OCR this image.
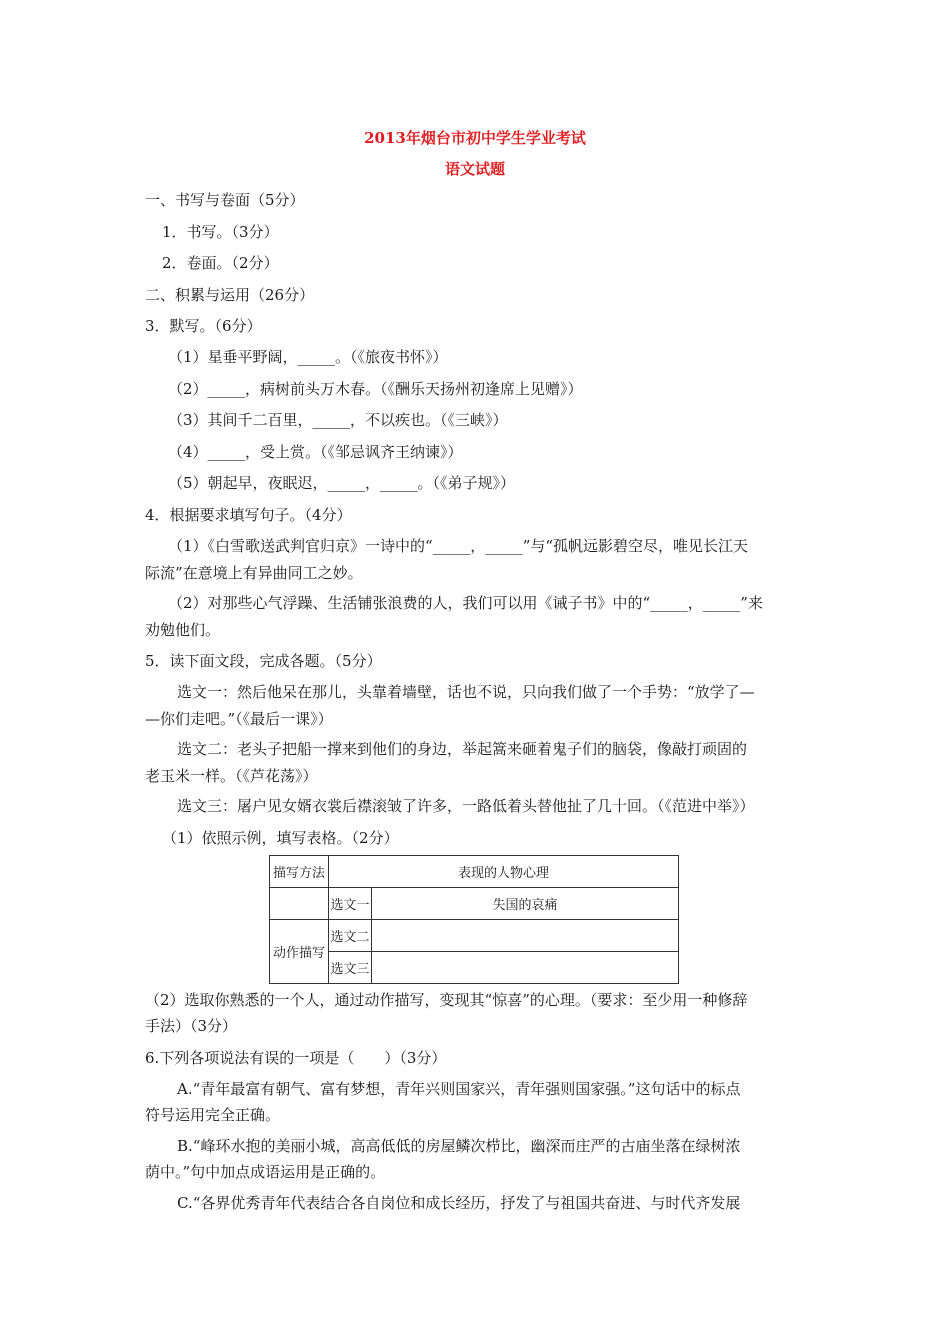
2013年烟台市初中学生学业考试
语文试题
一、书写与卷面（5分）
1．书写。（3分）
2．卷面。（2分）
二、积累与运用（26分）
3．默写。（6分）
（1）星垂平野阔，_____。（《旅夜书怀》）
（2）_____，病树前头万木春。（《酬乐天扬州初逢席上见赠》）
（3）其间千二百里，_____，不以疾也。（《三峡》）
（4）_____，受上赏。（《邹忌讽齐王纳谏》）
（5）朝起早，夜眠迟，_____，_____。（《弟子规》）
4．根据要求填写句子。（4分）
（1）《白雪歌送武判官归京》一诗中的“_____，_____”与“孤帆远影碧空尽，唯见长江天
际流”在意境上有异曲同工之妙。
（2）对那些心气浮躁、生活铺张浪费的人，我们可以用《诫子书》中的“_____，_____”来
劝勉他们。
5．读下面文段，完成各题。（5分）
选文一：然后他呆在那儿，头靠着墙壁，话也不说，只向我们做了一个手势：“放学了—
—你们走吧。”（《最后一课》）
选文二：老头子把船一撑来到他们的身边，举起篙来砸着鬼子们的脑袋，像敲打顽固的
老玉米一样。（《芦花荡》）
选文三：屠户见女婿衣裳后襟滚皱了许多，一路低着头替他扯了几十回。（《范进中举》）
（1）依照示例，填写表格。（2分）
描写方法	表现的人物心理	
	选文一	失国的哀痛
动作描写	选文二	
	选文三	
（2）选取你熟悉的一个人，通过动作描写，变现其“惊喜”的心理。（要求：至少用一种修辞
手法）（3分）
6.下列各项说法有误的一项是（　　）（3分）
A.“青年最富有朝气、富有梦想，青年兴则国家兴，青年强则国家强。”这句话中的标点
符号运用完全正确。
B.“峰环水抱的美丽小城，高高低低的房屋鳞次栉比，幽深而庄严的古庙坐落在绿树浓
荫中。”句中加点成语运用是正确的。
C.“各界优秀青年代表结合各自岗位和成长经历，抒发了与祖国共奋进、与时代齐发展
